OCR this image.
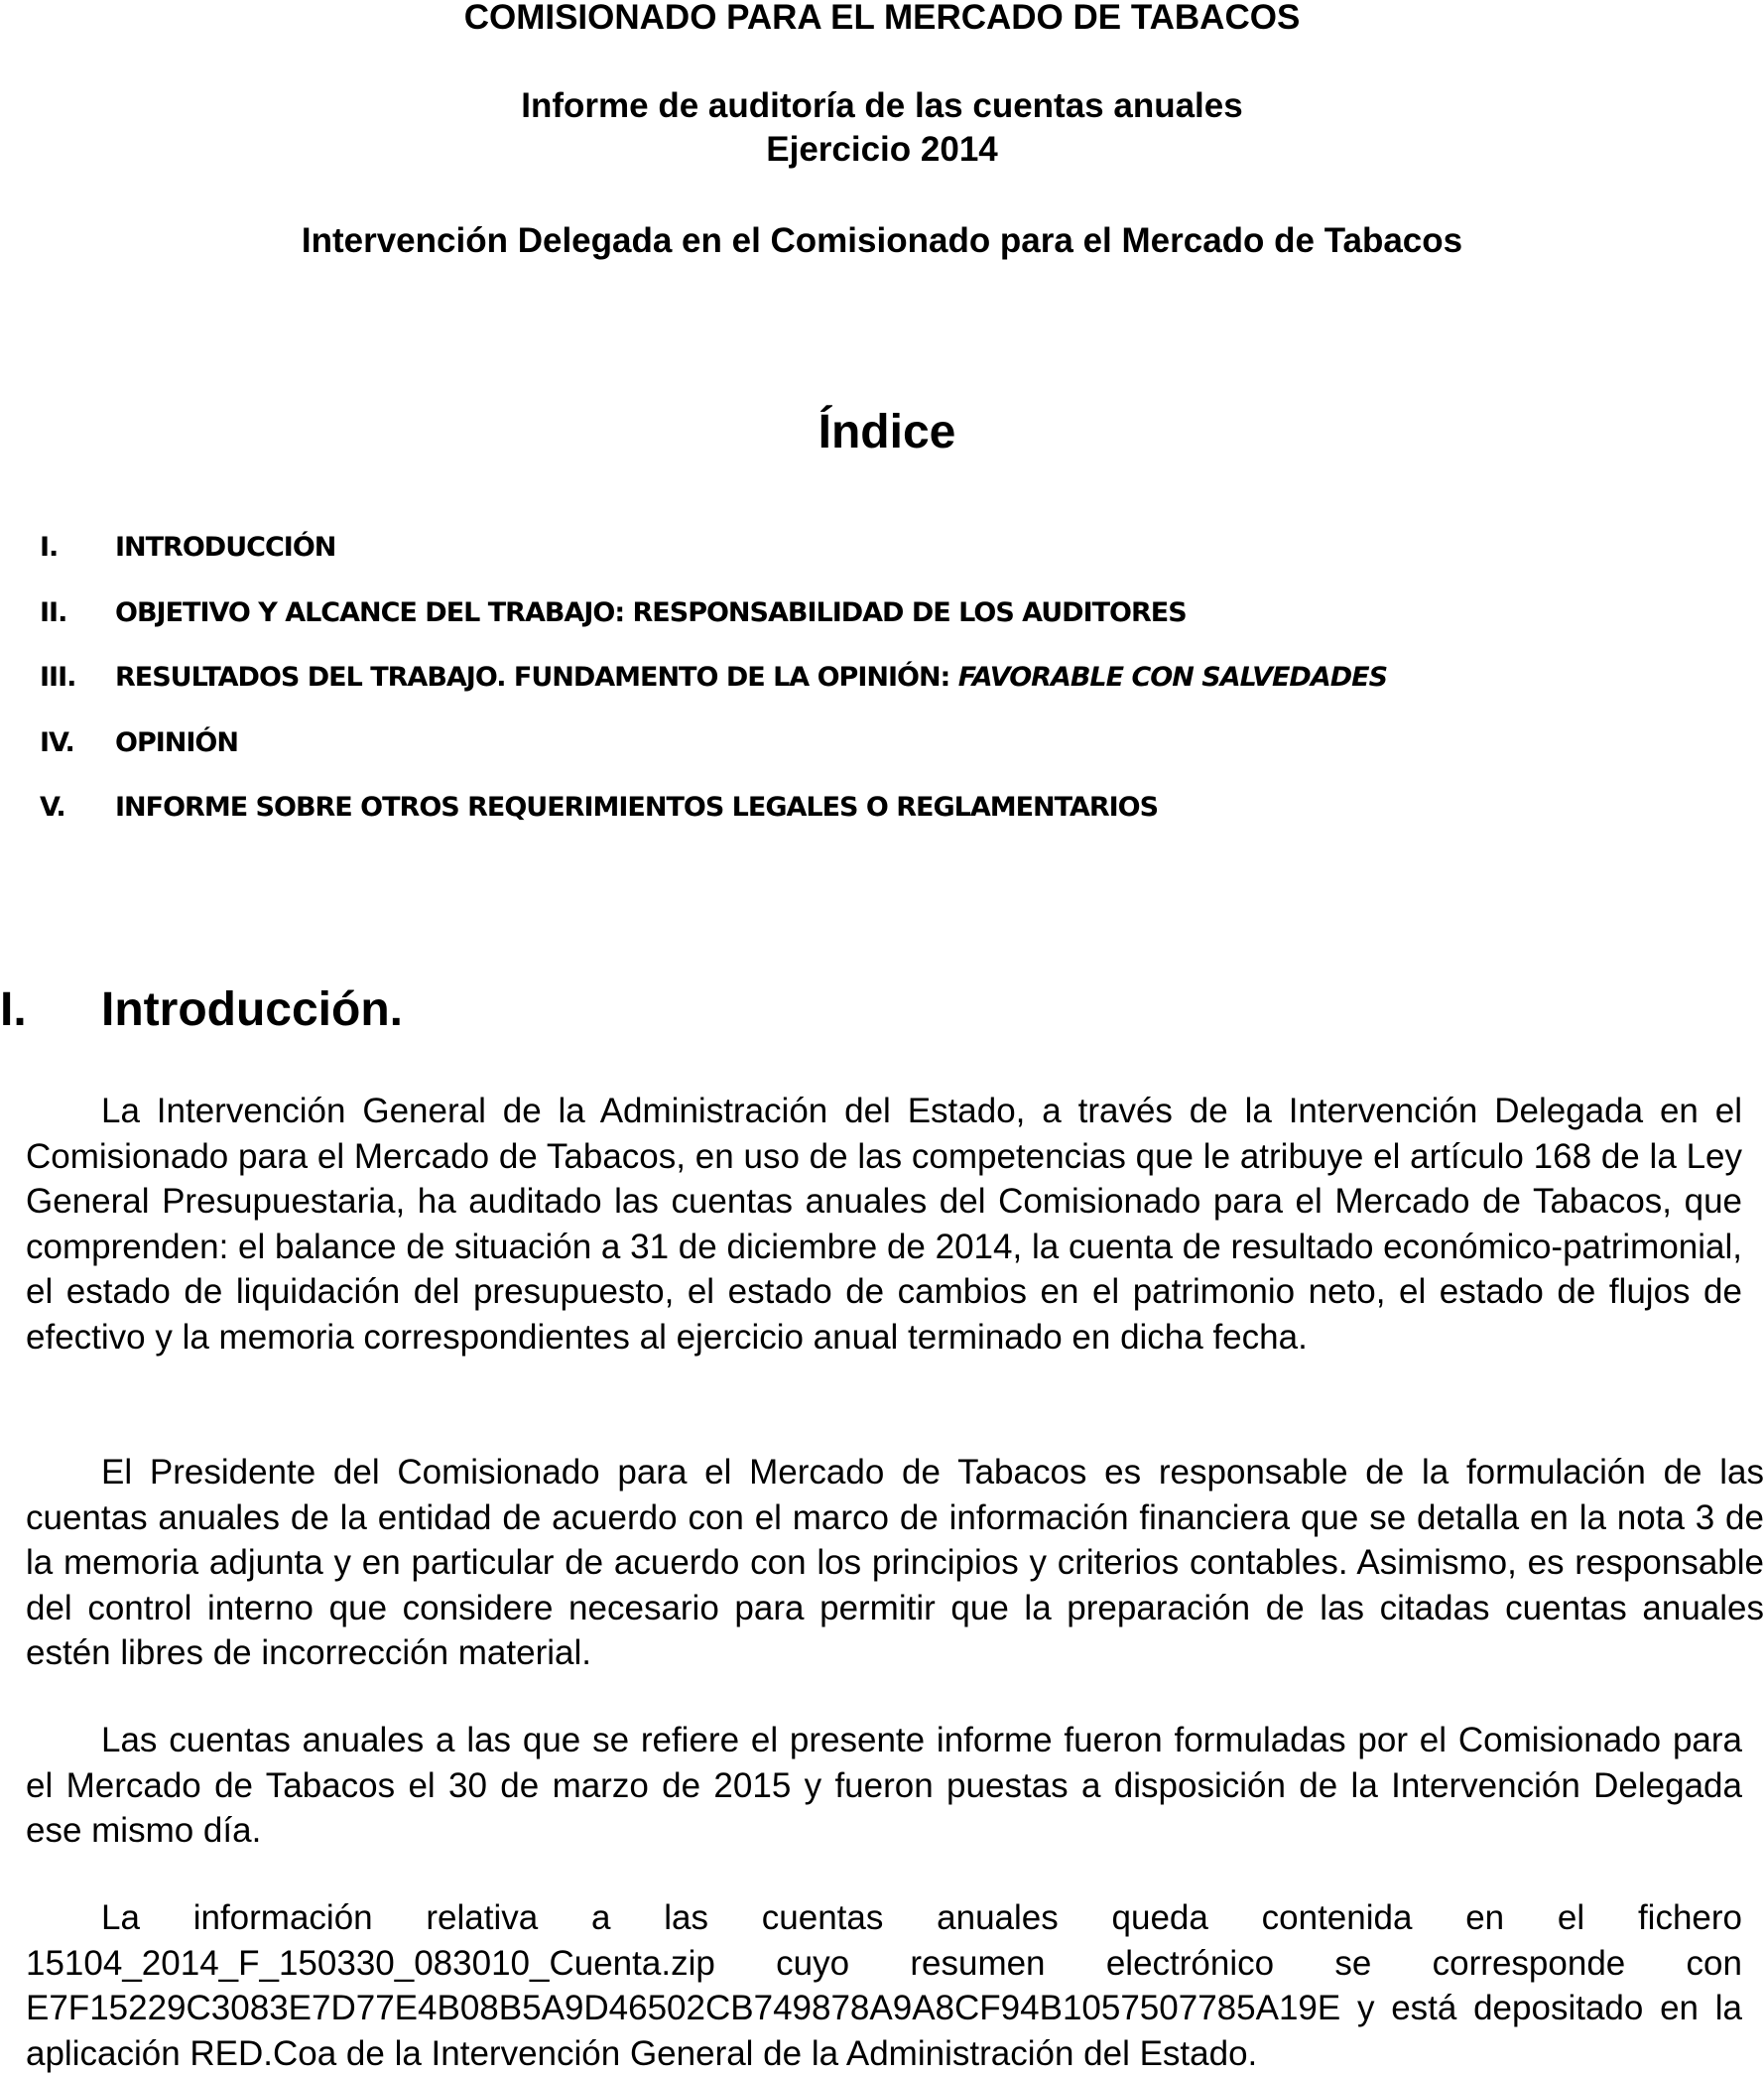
COMISIONADO PARA EL MERCADO DE TABACOS
Informe de auditoría de las cuentas anuales
Ejercicio 2014
Intervención Delegada en el Comisionado para el Mercado de Tabacos
Índice
I. INTRODUCCIÓN
II. OBJETIVO Y ALCANCE DEL TRABAJO: RESPONSABILIDAD DE LOS AUDITORES
III. RESULTADOS DEL TRABAJO. FUNDAMENTO DE LA OPINIÓN: FAVORABLE CON SALVEDADES
IV. OPINIÓN
V. INFORME SOBRE OTROS REQUERIMIENTOS LEGALES O REGLAMENTARIOS
I. Introducción.

La Intervención General de la Administración del Estado, a través de la Intervención Delegada en el Comisionado para el Mercado de Tabacos, en uso de las competencias que le atribuye el artículo 168 de la Ley General Presupuestaria, ha auditado las cuentas anuales del Comisionado para el Mercado de Tabacos, que comprenden: el balance de situación a 31 de diciembre de 2014, la cuenta de resultado económico-patrimonial, el estado de liquidación del presupuesto, el estado de cambios en el patrimonio neto, el estado de flujos de efectivo y la memoria correspondientes al ejercicio anual terminado en dicha fecha.

El Presidente del Comisionado para el Mercado de Tabacos es responsable de la formulación de las cuentas anuales de la entidad de acuerdo con el marco de información financiera que se detalla en la nota 3 de la memoria adjunta y en particular de acuerdo con los principios y criterios contables. Asimismo, es responsable del control interno que considere necesario para permitir que la preparación de las citadas cuentas anuales estén libres de incorrección material.

Las cuentas anuales a las que se refiere el presente informe fueron formuladas por el Comisionado para el Mercado de Tabacos el 30 de marzo de 2015 y fueron puestas a disposición de la Intervención Delegada ese mismo día.

La información relativa a las cuentas anuales queda contenida en el fichero 15104_2014_F_150330_083010_Cuenta.zip cuyo resumen electrónico se corresponde con E7F15229C3083E7D77E4B08B5A9D46502CB749878A9A8CF94B1057507785A19E y está depositado en la aplicación RED.Coa de la Intervención General de la Administración del Estado.
